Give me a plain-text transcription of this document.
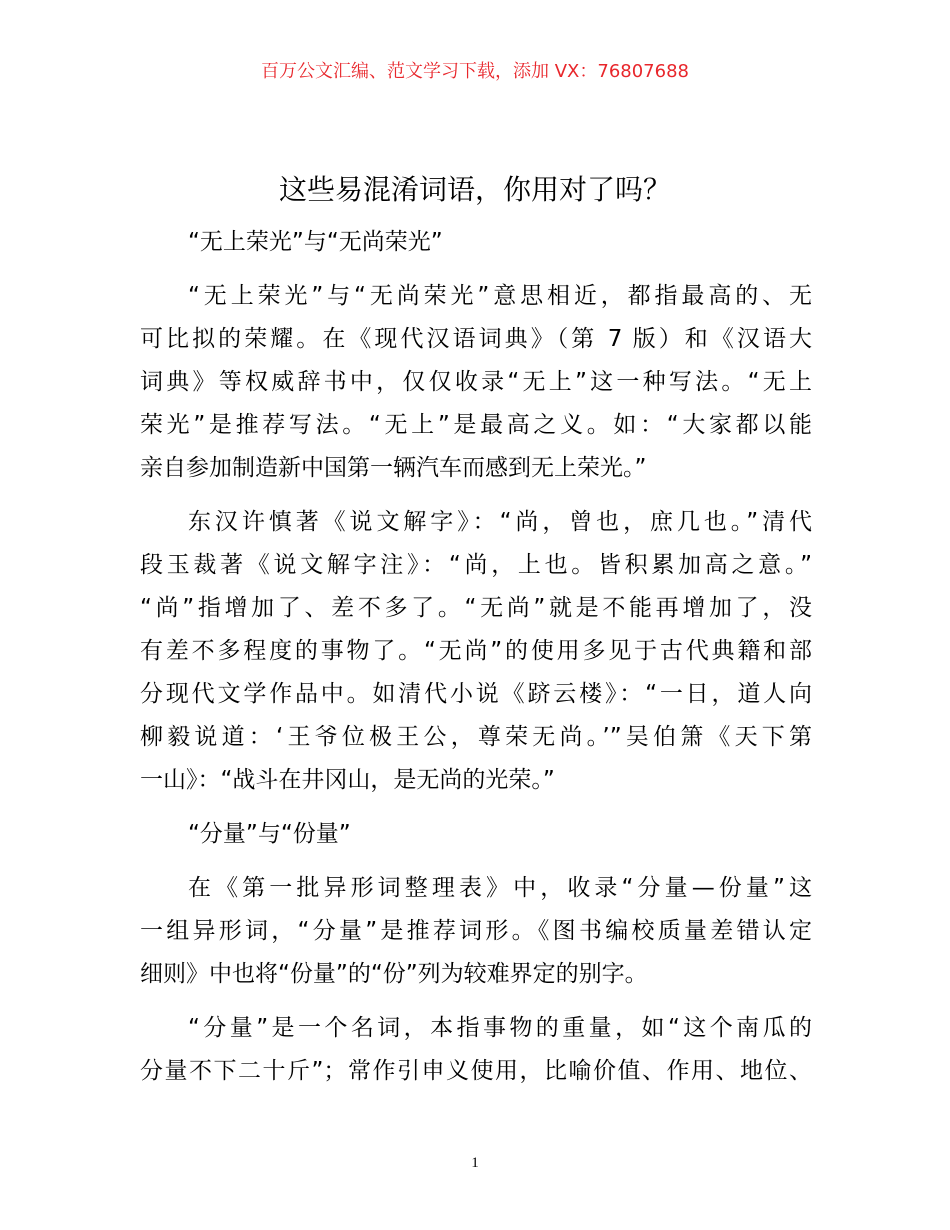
百万公文汇编、范文学习下载，添加 VX：76807688
这些易混淆词语，你用对了吗？
“无上荣光”与“无尚荣光”
“无上荣光”与“无尚荣光”意思相近，都指最高的、无
可比拟的荣耀。在《现代汉语词典》（第 7 版）和《汉语大
词典》等权威辞书中，仅仅收录“无上”这一种写法。“无上
荣光”是推荐写法。“无上”是最高之义。如：“大家都以能
亲自参加制造新中国第一辆汽车而感到无上荣光。”
东汉许慎著《说文解字》：“尚，曾也，庶几也。”清代
段玉裁著《说文解字注》：“尚，上也。皆积累加高之意。”
“尚”指增加了、差不多了。“无尚”就是不能再增加了，没
有差不多程度的事物了。“无尚”的使用多见于古代典籍和部
分现代文学作品中。如清代小说《跻云楼》：“一日，道人向
柳毅说道：‘王爷位极王公，尊荣无尚。’”吴伯箫《天下第
一山》：“战斗在井冈山，是无尚的光荣。”
“分量”与“份量”
在《第一批异形词整理表》中，收录“分量—份量”这
一组异形词，“分量”是推荐词形。《图书编校质量差错认定
细则》中也将“份量”的“份”列为较难界定的别字。
“分量”是一个名词，本指事物的重量，如“这个南瓜的
分量不下二十斤”；常作引申义使用，比喻价值、作用、地位、
1
